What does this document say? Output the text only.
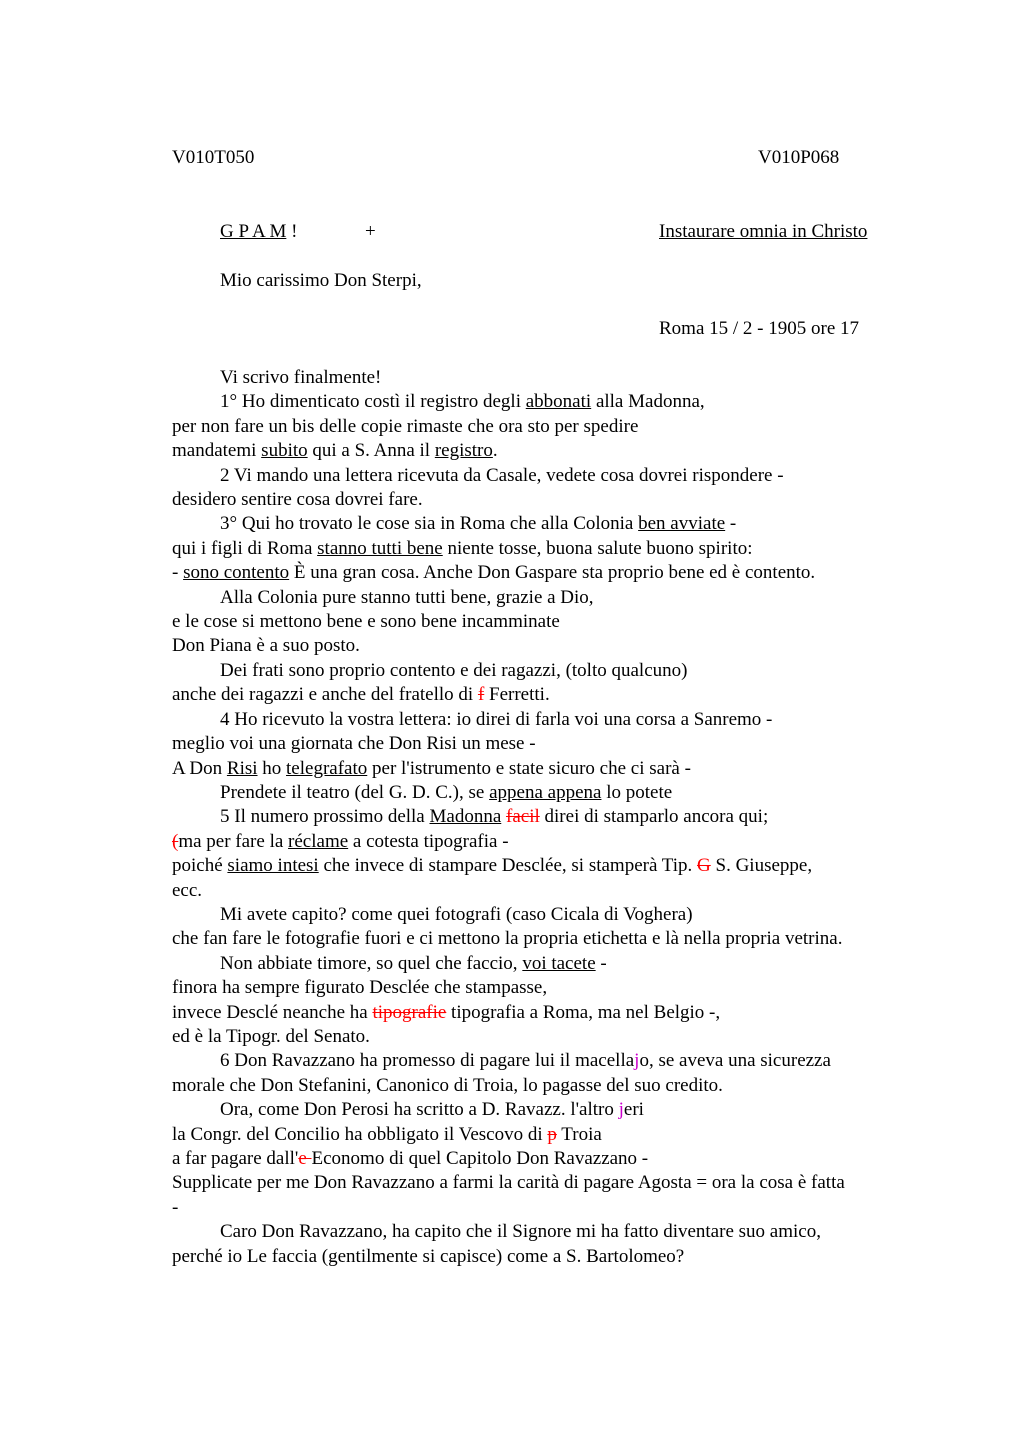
V010T050	V010P068
G P A M !	+	Instaurare omnia in Christo
Mio carissimo Don Sterpi,
Roma 15 / 2 - 1905 ore 17
Vi scrivo finalmente!
1° Ho dimenticato costì il registro degli abbonati alla Madonna,
per non fare un bis delle copie rimaste che ora sto per spedire
mandatemi subito qui a S. Anna il registro.
2 Vi mando una lettera ricevuta da Casale, vedete cosa dovrei rispondere -
desidero sentire cosa dovrei fare.
3° Qui ho trovato le cose sia in Roma che alla Colonia ben avviate -
qui i figli di Roma stanno tutti bene niente tosse, buona salute buono spirito:
- sono contento È una gran cosa. Anche Don Gaspare sta proprio bene ed è contento.
Alla Colonia pure stanno tutti bene, grazie a Dio,
e le cose si mettono bene e sono bene incamminate
Don Piana è a suo posto.
Dei frati sono proprio contento e dei ragazzi, (tolto qualcuno)
anche dei ragazzi e anche del fratello di f Ferretti.
4 Ho ricevuto la vostra lettera: io direi di farla voi una corsa a Sanremo -
meglio voi una giornata che Don Risi un mese -
A Don Risi ho telegrafato per l'istrumento e state sicuro che ci sarà -
Prendete il teatro (del G. D. C.), se appena appena lo potete
5 Il numero prossimo della Madonna facil direi di stamparlo ancora qui;
(ma per fare la réclame a cotesta tipografia -
poiché siamo intesi che invece di stampare Desclée, si stamperà Tip. G S. Giuseppe,
ecc.
Mi avete capito? come quei fotografi (caso Cicala di Voghera)
che fan fare le fotografie fuori e ci mettono la propria etichetta e là nella propria vetrina.
Non abbiate timore, so quel che faccio, voi tacete -
finora ha sempre figurato Desclée che stampasse,
invece Desclé neanche ha tipografie tipografia a Roma, ma nel Belgio -,
ed è la Tipogr. del Senato.
6 Don Ravazzano ha promesso di pagare lui il macellajo, se aveva una sicurezza
morale che Don Stefanini, Canonico di Troia, lo pagasse del suo credito.
Ora, come Don Perosi ha scritto a D. Ravazz. l'altro jeri
la Congr. del Concilio ha obbligato il Vescovo di p Troia
a far pagare dall'e Economo di quel Capitolo Don Ravazzano -
Supplicate per me Don Ravazzano a farmi la carità di pagare Agosta = ora la cosa è fatta
-
Caro Don Ravazzano, ha capito che il Signore mi ha fatto diventare suo amico,
perché io Le faccia (gentilmente si capisce) come a S. Bartolomeo?
